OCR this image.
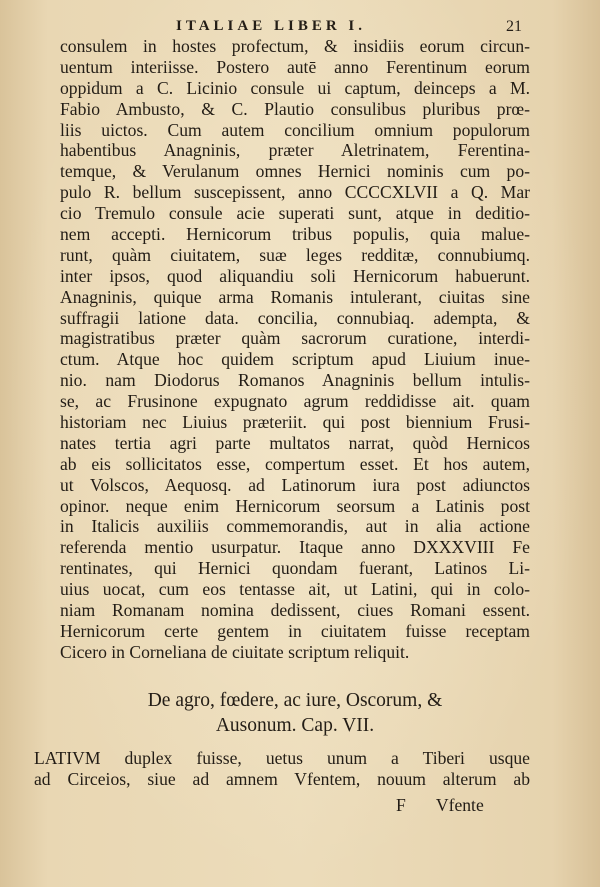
ITALIAE LIBER I.	21
consulem in hostes profectum, & insidiis eorum circun-
uentum interiisse. Postero autē anno Ferentinum eorum
oppidum a C. Licinio consule ui captum, deinceps a M.
Fabio Ambusto, & C. Plautio consulibus pluribus prœ-
liis uictos. Cum autem concilium omnium populorum
habentibus Anagninis, præter Aletrinatem, Ferentina-
temque, & Verulanum omnes Hernici nominis cum po-
pulo R. bellum suscepissent, anno CCCCXLVII a Q. Mar
cio Tremulo consule acie superati sunt, atque in deditio-
nem accepti. Hernicorum tribus populis, quia malue-
runt, quàm ciuitatem, suæ leges redditæ, connubiumq.
inter ipsos, quod aliquandiu soli Hernicorum habuerunt.
Anagninis, quique arma Romanis intulerant, ciuitas sine
suffragii latione data. concilia, connubiaq. adempta, &
magistratibus præter quàm sacrorum curatione, interdi-
ctum. Atque hoc quidem scriptum apud Liuium inue-
nio. nam Diodorus Romanos Anagninis bellum intulis-
se, ac Frusinone expugnato agrum reddidisse ait. quam
historiam nec Liuius præteriit. qui post biennium Frusi-
nates tertia agri parte multatos narrat, quòd Hernicos
ab eis sollicitatos esse, compertum esset. Et hos autem,
ut Volscos, Aequosq. ad Latinorum iura post adiunctos
opinor. neque enim Hernicorum seorsum a Latinis post
in Italicis auxiliis commemorandis, aut in alia actione
referenda mentio usurpatur. Itaque anno DXXXVIII Fe
rentinates, qui Hernici quondam fuerant, Latinos Li-
uius uocat, cum eos tentasse ait, ut Latini, qui in colo-
niam Romanam nomina dedissent, ciues Romani essent.
Hernicorum certe gentem in ciuitatem fuisse receptam
Cicero in Corneliana de ciuitate scriptum reliquit.
De agro, fœdere, ac iure, Oscorum, &
Ausonum. Cap. VII.
LATIVM duplex fuisse, uetus unum a Tiberi usque
ad Circeios, siue ad amnem Vfentem, nouum alterum ab
F Vfente
